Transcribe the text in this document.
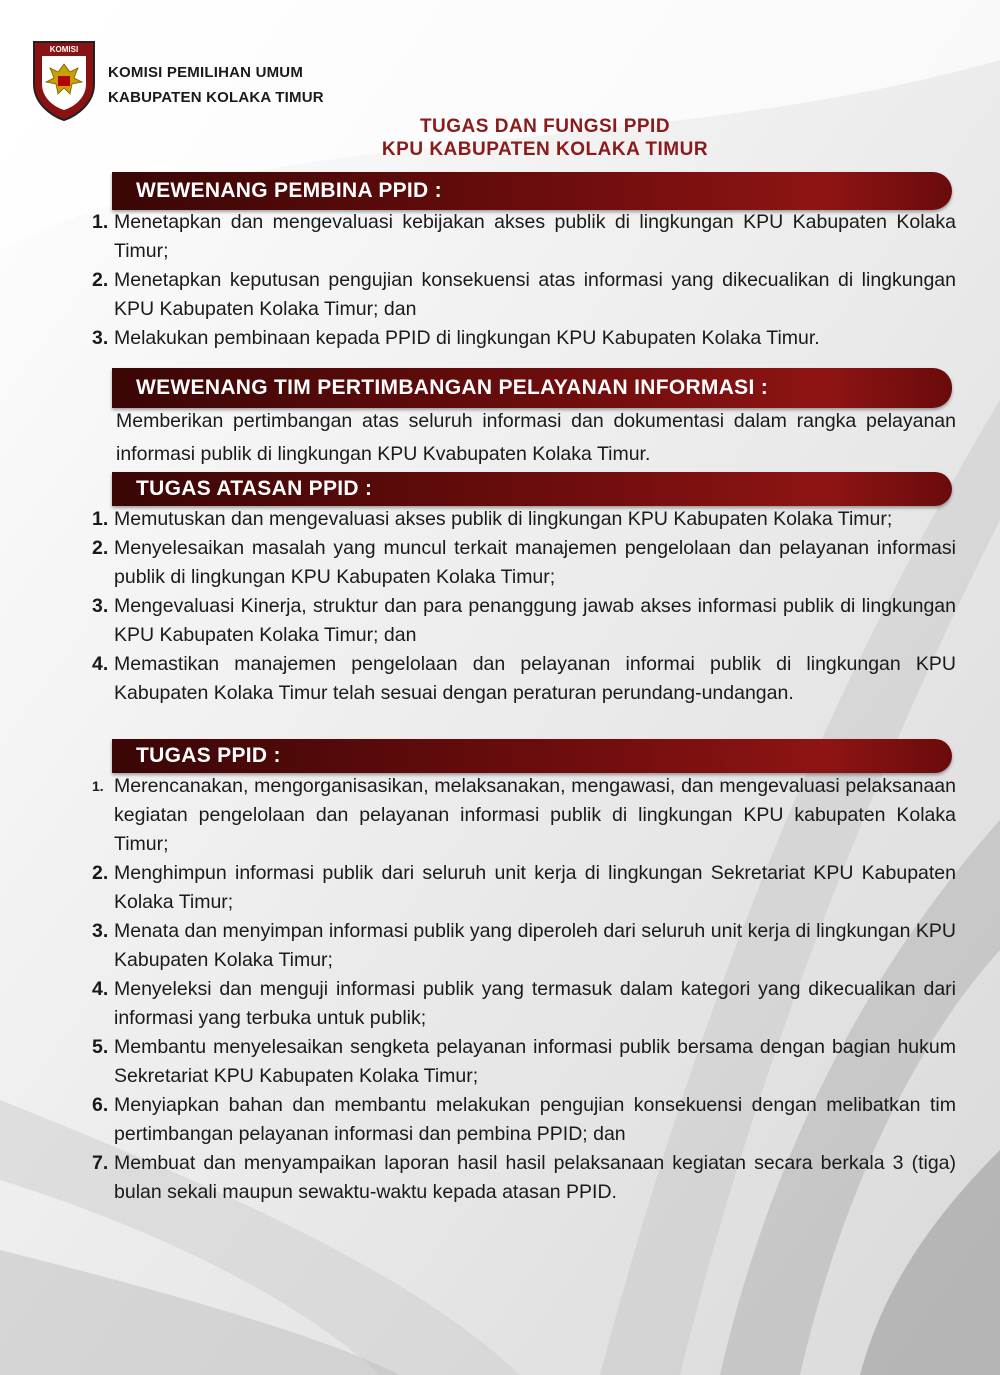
KOMISI
KOMISI PEMILIHAN UMUM
KABUPATEN KOLAKA TIMUR
TUGAS DAN FUNGSI PPID
KPU KABUPATEN KOLAKA TIMUR
WEWENANG PEMBINA PPID :
1. Menetapkan dan mengevaluasi kebijakan akses publik di lingkungan KPU Kabupaten Kolaka Timur;
2. Menetapkan keputusan pengujian konsekuensi atas informasi yang dikecualikan di lingkungan KPU Kabupaten Kolaka Timur; dan
3. Melakukan pembinaan kepada PPID di lingkungan KPU Kabupaten Kolaka Timur.
WEWENANG TIM PERTIMBANGAN PELAYANAN INFORMASI :
Memberikan pertimbangan atas seluruh informasi dan dokumentasi dalam rangka pelayanan informasi publik di lingkungan KPU Kvabupaten Kolaka Timur.
TUGAS ATASAN PPID :
1. Memutuskan dan mengevaluasi akses publik di lingkungan KPU Kabupaten Kolaka Timur;
2. Menyelesaikan masalah yang muncul terkait manajemen pengelolaan dan pelayanan informasi publik di lingkungan KPU Kabupaten Kolaka Timur;
3. Mengevaluasi Kinerja, struktur dan para penanggung jawab akses informasi publik di lingkungan KPU Kabupaten Kolaka Timur; dan
4. Memastikan manajemen pengelolaan dan pelayanan informai publik di lingkungan KPU Kabupaten Kolaka Timur telah sesuai dengan peraturan perundang-undangan.
TUGAS PPID :
1. Merencanakan, mengorganisasikan, melaksanakan, mengawasi, dan mengevaluasi pelaksanaan kegiatan pengelolaan dan pelayanan informasi publik di lingkungan KPU kabupaten Kolaka Timur;
2. Menghimpun informasi publik dari seluruh unit kerja di lingkungan Sekretariat KPU Kabupaten Kolaka Timur;
3. Menata dan menyimpan informasi publik yang diperoleh dari seluruh unit kerja di lingkungan KPU Kabupaten Kolaka Timur;
4. Menyeleksi dan menguji informasi publik yang termasuk dalam kategori yang dikecualikan dari informasi yang terbuka untuk publik;
5. Membantu menyelesaikan sengketa pelayanan informasi publik bersama dengan bagian hukum Sekretariat KPU Kabupaten Kolaka Timur;
6. Menyiapkan bahan dan membantu melakukan pengujian konsekuensi dengan melibatkan tim pertimbangan pelayanan informasi dan pembina PPID; dan
7. Membuat dan menyampaikan laporan hasil hasil pelaksanaan kegiatan secara berkala 3 (tiga) bulan sekali maupun sewaktu-waktu kepada atasan PPID.
